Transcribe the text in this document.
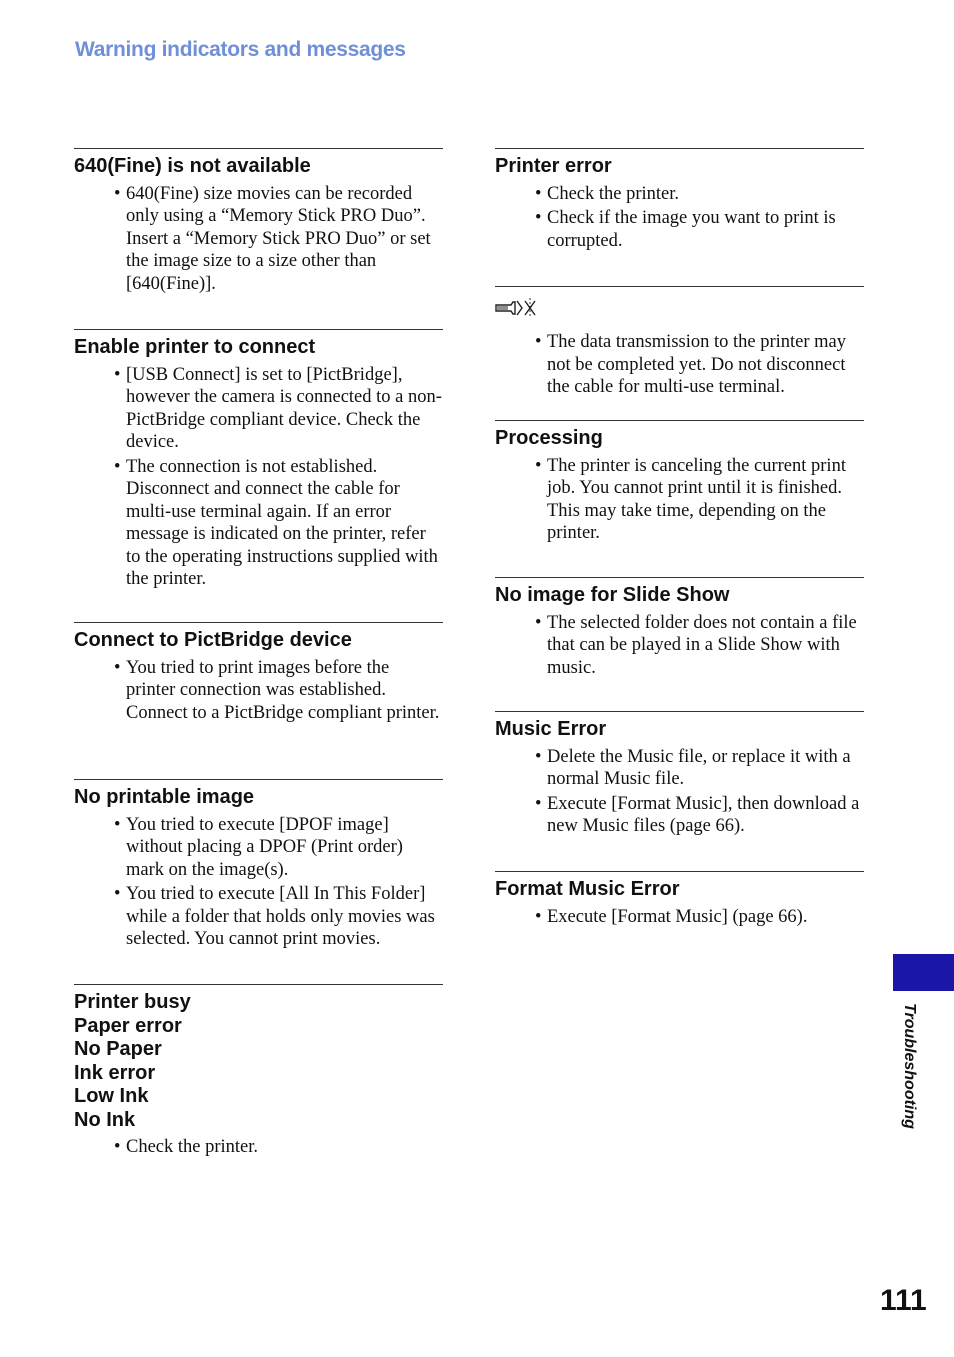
Warning indicators and messages
640(Fine) is not available
• 640(Fine) size movies can be recorded only using a “Memory Stick PRO Duo”. Insert a “Memory Stick PRO Duo” or set the image size to a size other than [640(Fine)].
Enable printer to connect
• [USB Connect] is set to [PictBridge], however the camera is connected to a non-PictBridge compliant device. Check the device.
• The connection is not established. Disconnect and connect the cable for multi-use terminal again. If an error message is indicated on the printer, refer to the operating instructions supplied with the printer.
Connect to PictBridge device
• You tried to print images before the printer connection was established. Connect to a PictBridge compliant printer.
No printable image
• You tried to execute [DPOF image] without placing a DPOF (Print order) mark on the image(s).
• You tried to execute [All In This Folder] while a folder that holds only movies was selected. You cannot print movies.
Printer busy
Paper error
No Paper
Ink error
Low Ink
No Ink
• Check the printer.
Printer error
• Check the printer.
• Check if the image you want to print is corrupted.
• The data transmission to the printer may not be completed yet. Do not disconnect the cable for multi-use terminal.
Processing
• The printer is canceling the current print job. You cannot print until it is finished. This may take time, depending on the printer.
No image for Slide Show
• The selected folder does not contain a file that can be played in a Slide Show with music.
Music Error
• Delete the Music file, or replace it with a normal Music file.
• Execute [Format Music], then download a new Music files (page 66).
Format Music Error
• Execute [Format Music] (page 66).
Troubleshooting
111
